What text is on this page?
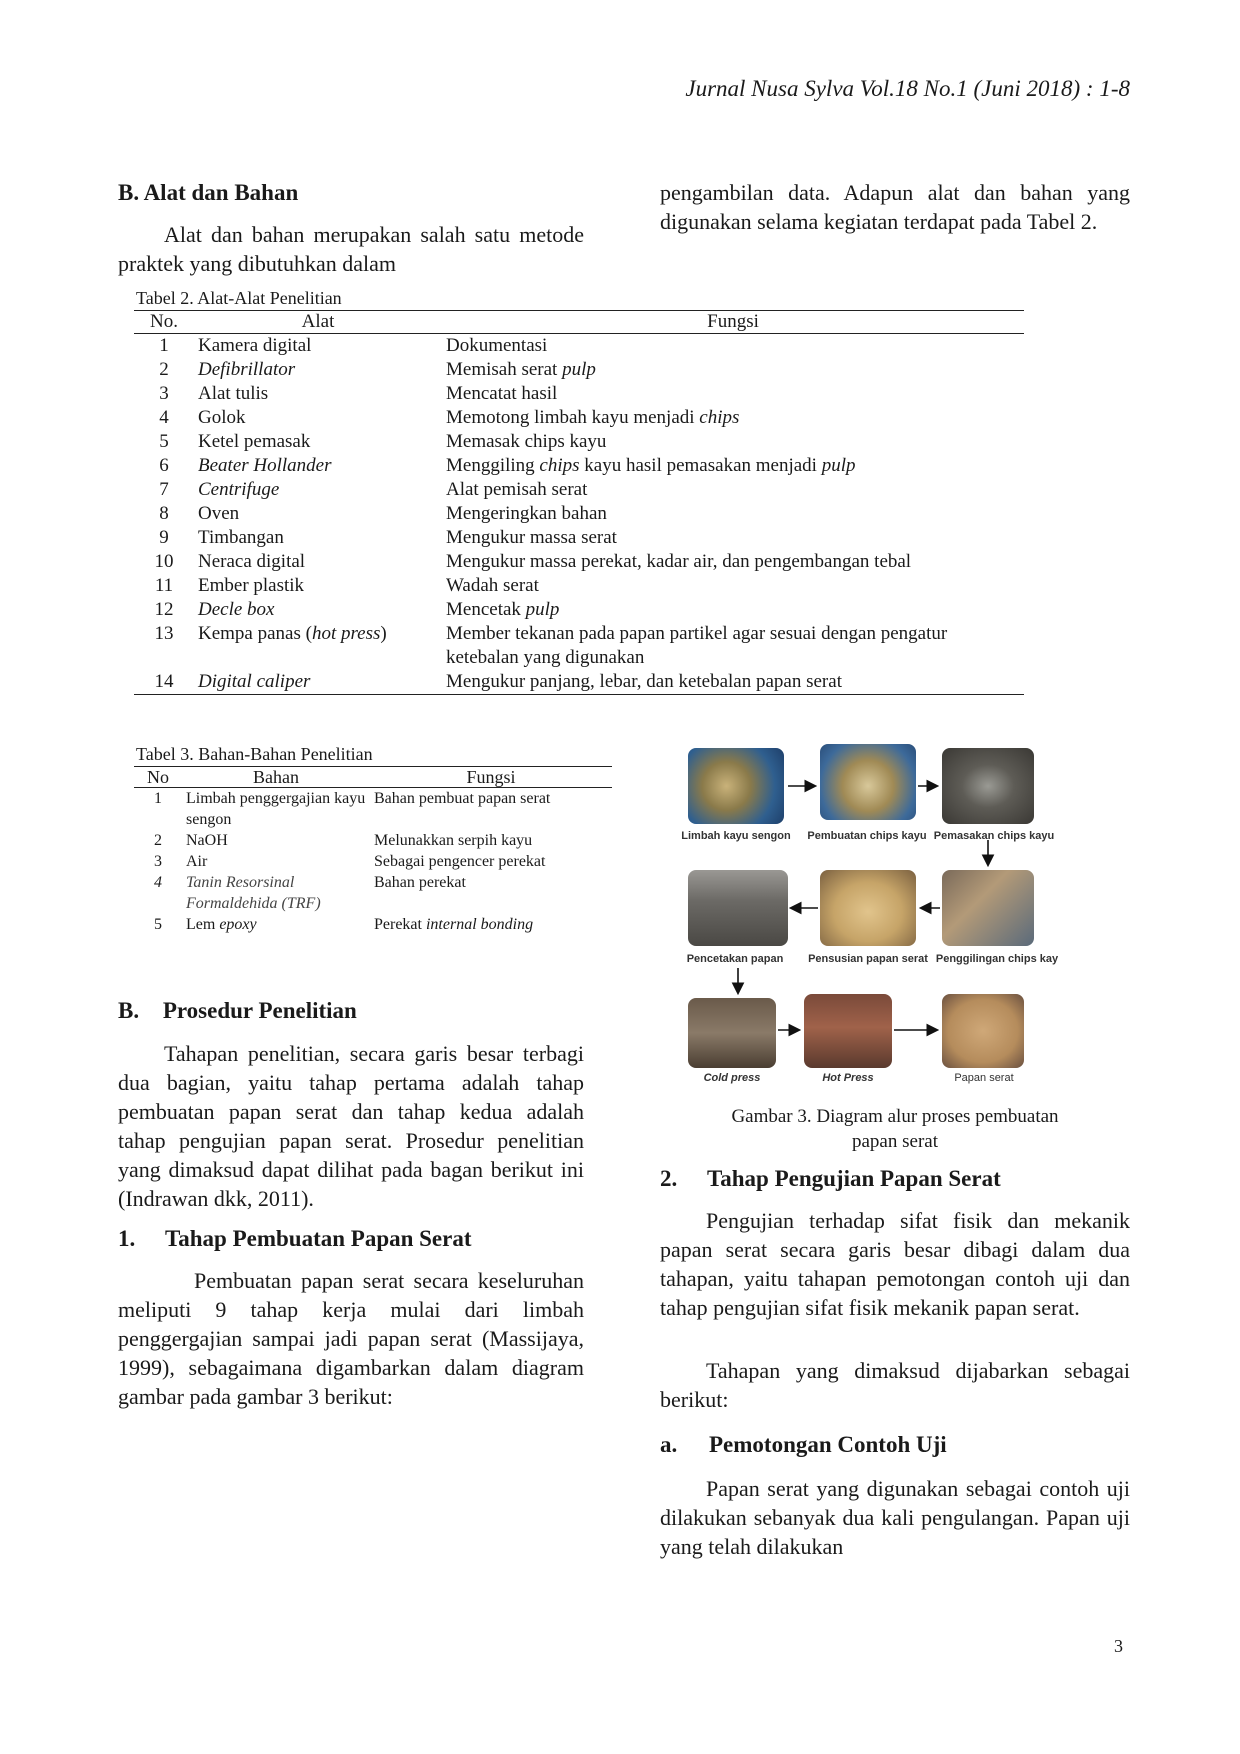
Jurnal Nusa Sylva Vol.18 No.1 (Juni 2018) : 1-8
B. Alat dan Bahan

Alat dan bahan merupakan salah satu metode praktek yang dibutuhkan dalam

pengambilan data. Adapun alat dan bahan yang digunakan selama kegiatan terdapat pada Tabel 2.

Tabel 2. Alat-Alat Penelitian
No.	Alat	Fungsi
1	Kamera digital	Dokumentasi
2	Defibrillator	Memisah serat pulp
3	Alat tulis	Mencatat hasil
4	Golok	Memotong limbah kayu menjadi chips
5	Ketel pemasak	Memasak chips kayu
6	Beater Hollander	Menggiling chips kayu hasil pemasakan menjadi pulp
7	Centrifuge	Alat pemisah serat
8	Oven	Mengeringkan bahan
9	Timbangan	Mengukur massa serat
10	Neraca digital	Mengukur massa perekat, kadar air, dan pengembangan tebal
11	Ember plastik	Wadah serat
12	Decle box	Mencetak pulp
13	Kempa panas (hot press)	Member tekanan pada papan partikel agar sesuai dengan pengatur ketebalan yang digunakan
14	Digital caliper	Mengukur panjang, lebar, dan ketebalan papan serat
Tabel 3. Bahan-Bahan Penelitian
No	Bahan	Fungsi
1	Limbah penggergajian kayu sengon	Bahan pembuat papan serat
2	NaOH	Melunakkan serpih kayu
3	Air	Sebagai pengencer perekat
4	Tanin Resorsinal Formaldehida (TRF)	Bahan perekat
5	Lem epoxy	Perekat internal bonding
B. Prosedur Penelitian

Tahapan penelitian, secara garis besar terbagi dua bagian, yaitu tahap pertama adalah tahap pembuatan papan serat dan tahap kedua adalah tahap pengujian papan serat. Prosedur penelitian yang dimaksud dapat dilihat pada bagan berikut ini (Indrawan dkk, 2011).

1. Tahap Pembuatan Papan Serat

Pembuatan papan serat secara keseluruhan meliputi 9 tahap kerja mulai dari limbah penggergajian sampai jadi papan serat (Massijaya, 1999), sebagaimana digambarkan dalam diagram gambar pada gambar 3 berikut:

Limbah kayu sengon	Pembuatan chips kayu Pemasakan chips kayu
Penggilingan chips kay
Pensusian papan serat
Pencetakan papan
Cold press	Hot Press	Papan serat
Gambar 3. Diagram alur proses pembuatan
papan serat
2. Tahap Pengujian Papan Serat

Pengujian terhadap sifat fisik dan mekanik papan serat secara garis besar dibagi dalam dua tahapan, yaitu tahapan pemotongan contoh uji dan tahap pengujian sifat fisik mekanik papan serat.

Tahapan yang dimaksud dijabarkan sebagai berikut:

a. Pemotongan Contoh Uji

Papan serat yang digunakan sebagai contoh uji dilakukan sebanyak dua kali pengulangan. Papan uji yang telah dilakukan

3
